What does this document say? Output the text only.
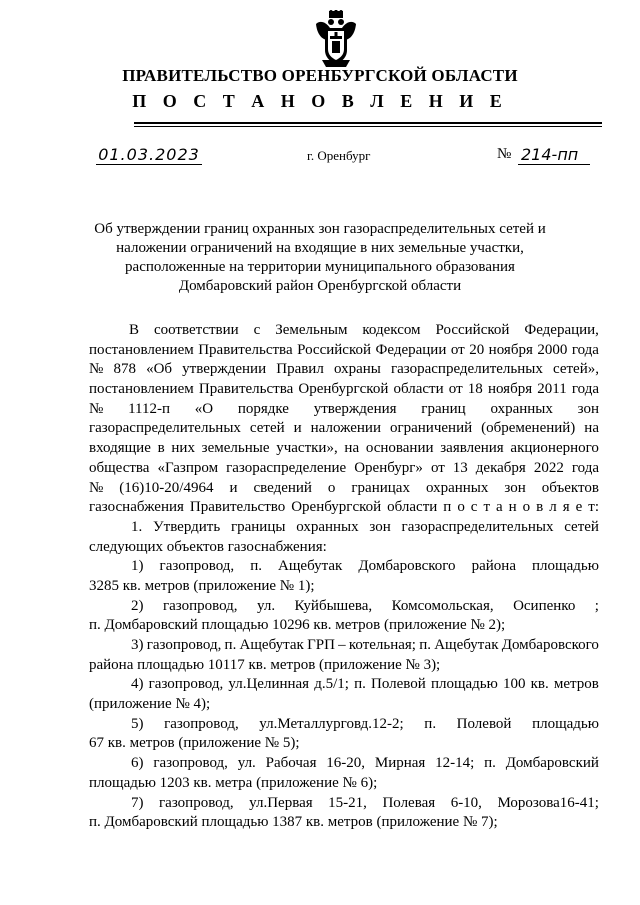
ПРАВИТЕЛЬСТВО ОРЕНБУРГСКОЙ ОБЛАСТИ
П О С Т А Н О В Л Е Н И Е
01.03.2023	г. Оренбург	№ 214-пп
Об утверждении границ охранных зон газораспределительных сетей и
наложении ограничений на входящие в них земельные участки,
расположенные на территории муниципального образования
Домбаровский район Оренбургской области
В соответствии с Земельным кодексом Российской Федерации,
постановлением Правительства Российской Федерации от 20 ноября 2000 года
№ 878 «Об утверждении Правил охраны газораспределительных сетей»,
постановлением Правительства Оренбургской области от 18 ноября 2011 года
№ 1112-п «О порядке утверждения границ охранных зон
газораспределительных сетей и наложении ограничений (обременений) на
входящие в них земельные участки», на основании заявления акционерного
общества «Газпром газораспределение Оренбург» от 13 декабря 2022 года
№ (16)10-20/4964 и сведений о границах охранных зон объектов
газоснабжения Правительство Оренбургской области п о с т а н о в л я е т:
1. Утвердить границы охранных зон газораспределительных сетей
следующих объектов газоснабжения:
1) газопровод, п. Ащебутак Домбаровского района площадью
3285 кв. метров (приложение № 1);
2) газопровод, ул. Куйбышева, Комсомольская, Осипенко ;
п. Домбаровский площадью 10296 кв. метров (приложение № 2);
3) газопровод, п. Ащебутак ГРП – котельная; п. Ащебутак Домбаровского
района площадью 10117 кв. метров (приложение № 3);
4) газопровод, ул.Целинная д.5/1; п. Полевой площадью 100 кв. метров
(приложение № 4);
5) газопровод, ул.Металлурговд.12-2; п. Полевой площадью
67 кв. метров (приложение № 5);
6) газопровод, ул. Рабочая 16-20, Мирная 12-14; п. Домбаровский
площадью 1203 кв. метра (приложение № 6);
7) газопровод, ул.Первая 15-21, Полевая 6-10, Морозова16-41;
п. Домбаровский площадью 1387 кв. метров (приложение № 7);
